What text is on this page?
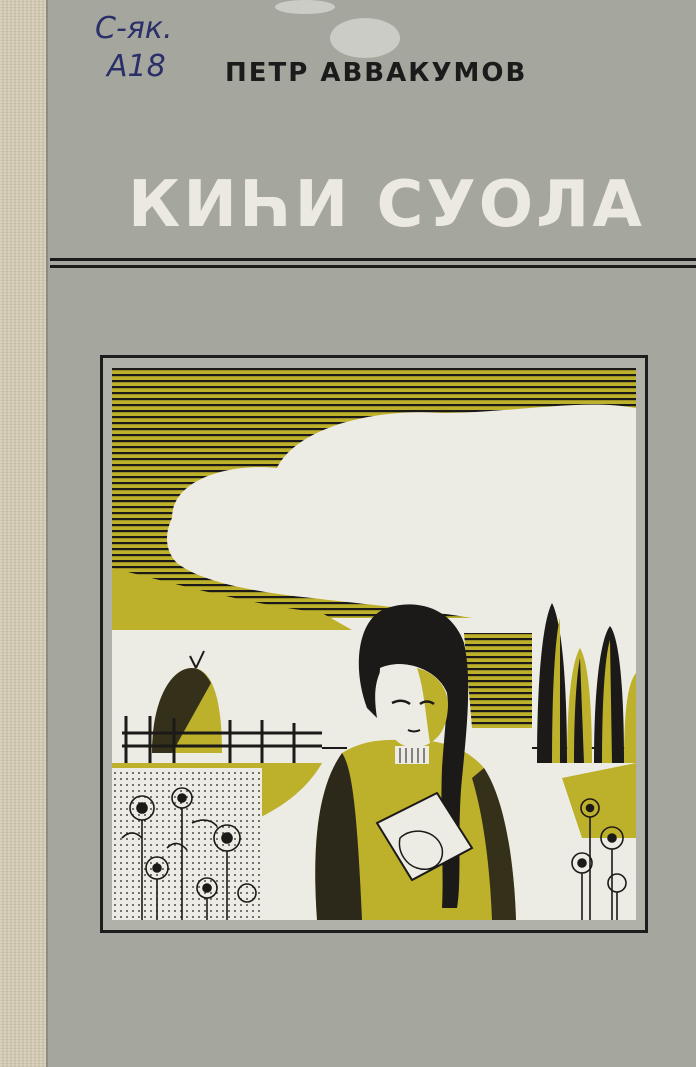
С-як.
А18 ПЕТР АВВАКУМОВ
КИҺИ СУОЛА
